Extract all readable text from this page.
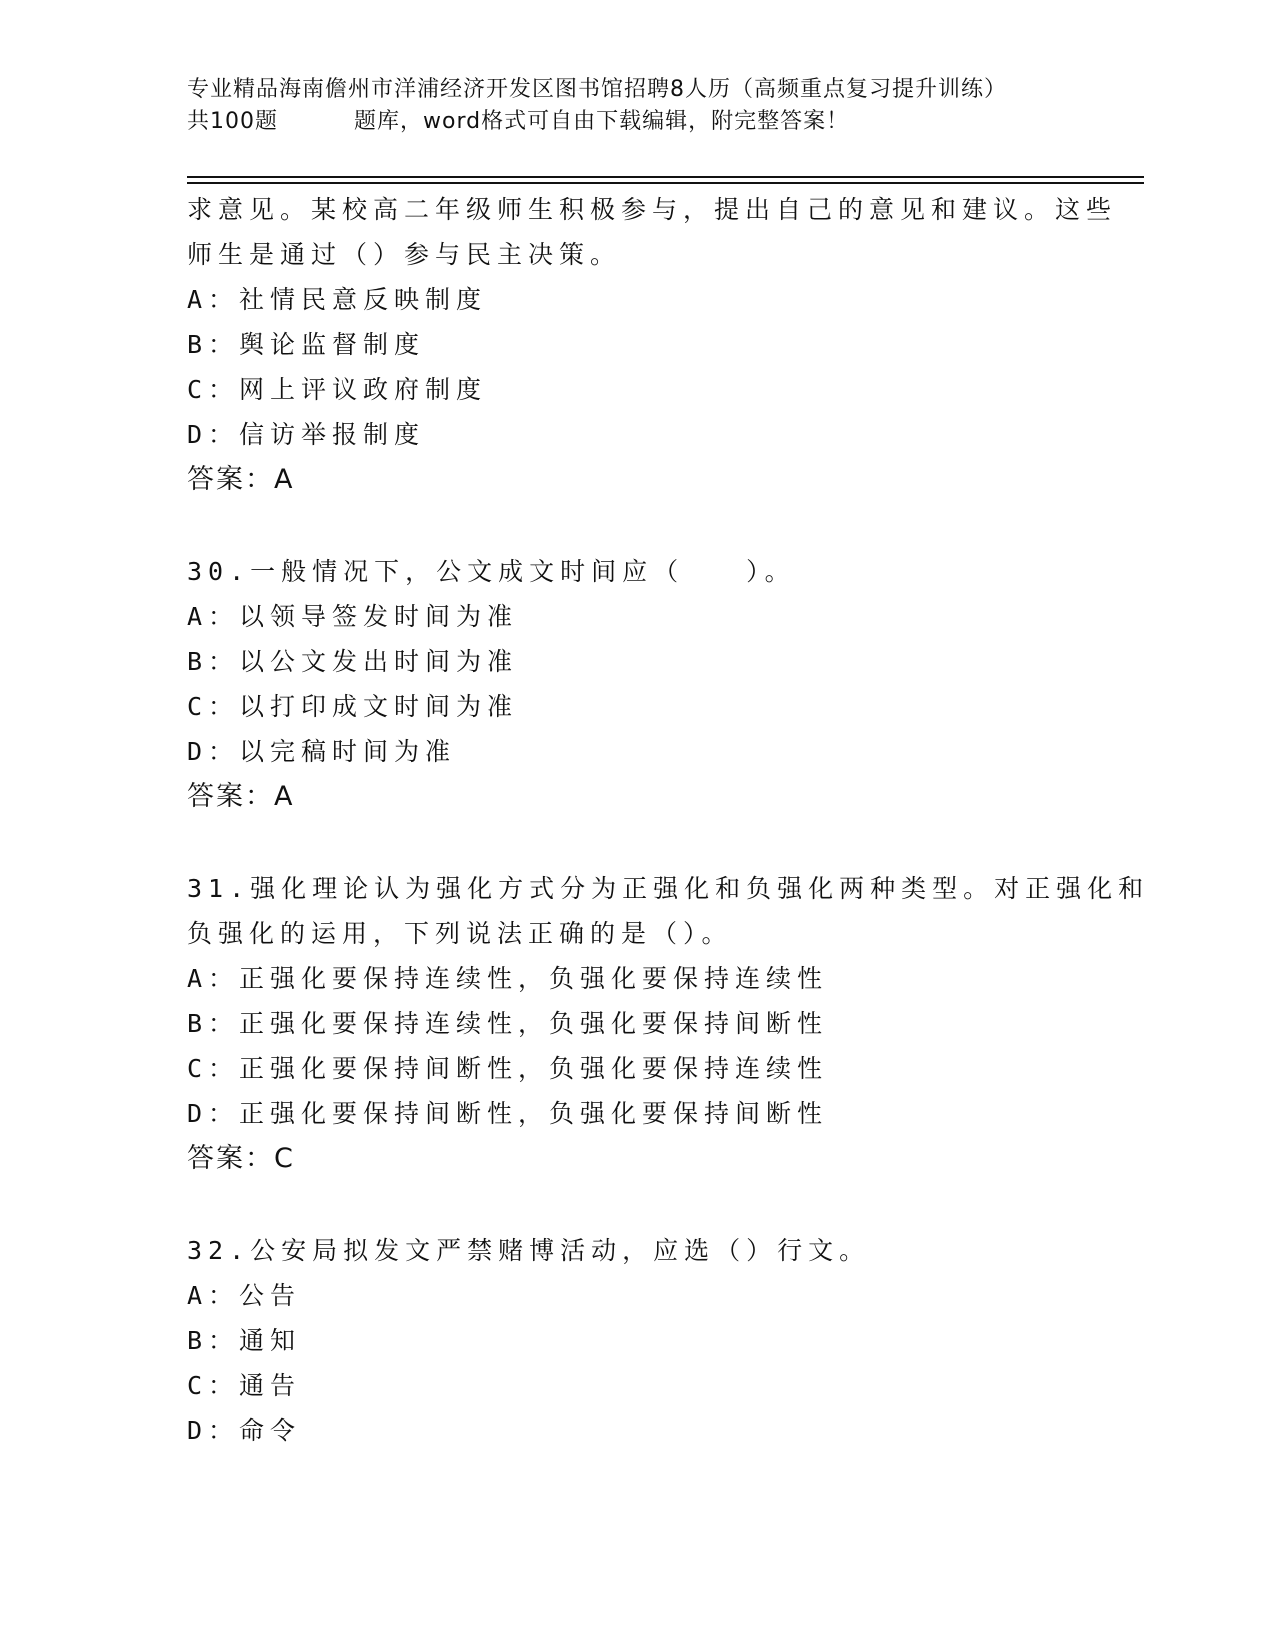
专业精品海南儋州市洋浦经济开发区图书馆招聘8人历（高频重点复习提升训练）
共100题	题库，word格式可自由下载编辑，附完整答案！
求意见。某校高二年级师生积极参与，提出自己的意见和建议。这些
师生是通过（）参与民主决策。
A：社情民意反映制度
B：舆论监督制度
C：网上评议政府制度
D：信访举报制度
答案：A
30.一般情况下，公文成文时间应（　　）。
A：以领导签发时间为准
B：以公文发出时间为准
C：以打印成文时间为准
D：以完稿时间为准
答案：A
31.强化理论认为强化方式分为正强化和负强化两种类型。对正强化和
负强化的运用，下列说法正确的是（）。
A：正强化要保持连续性，负强化要保持连续性
B：正强化要保持连续性，负强化要保持间断性
C：正强化要保持间断性，负强化要保持连续性
D：正强化要保持间断性，负强化要保持间断性
答案：C
32.公安局拟发文严禁赌博活动，应选（）行文。
A：公告
B：通知
C：通告
D：命令
